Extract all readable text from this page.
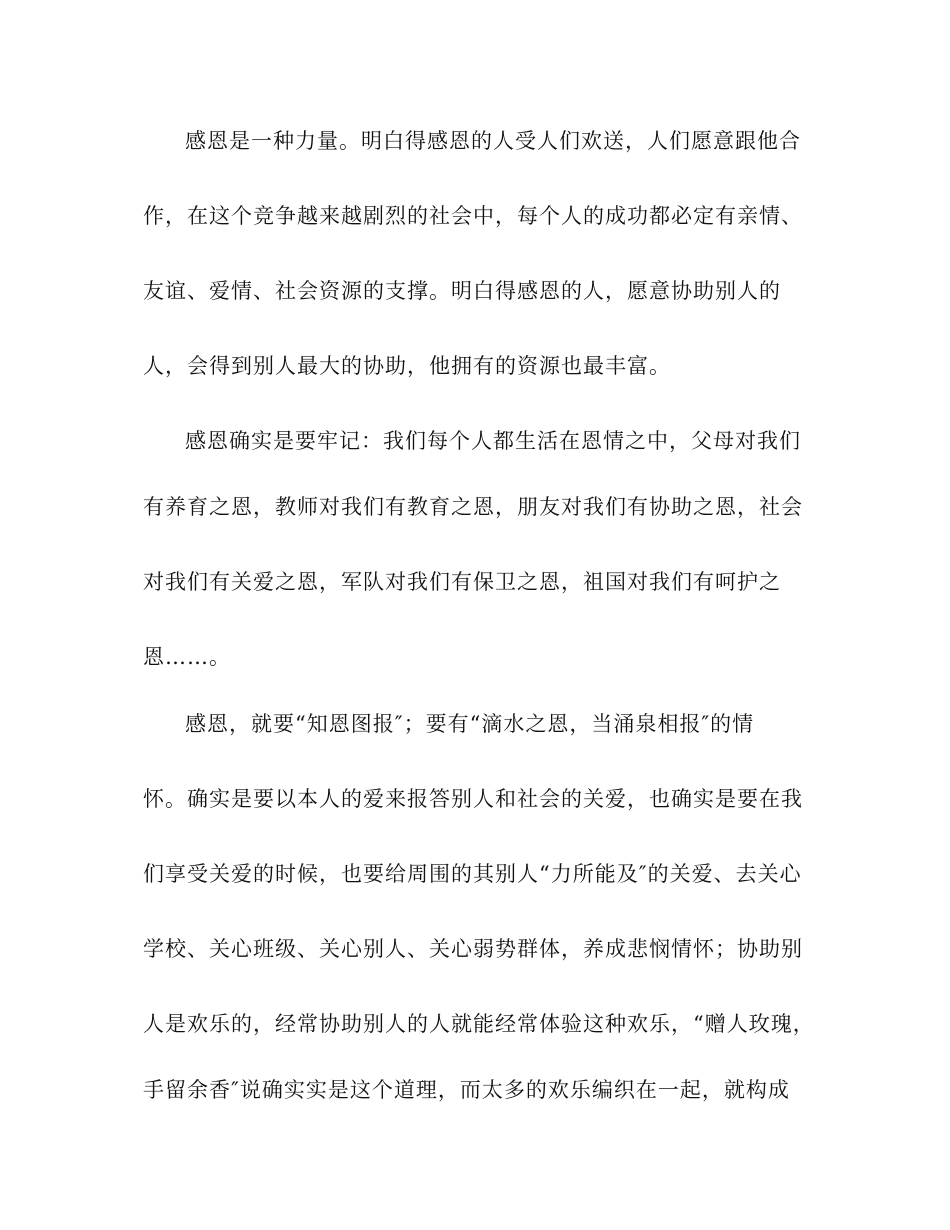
感恩是一种力量。明白得感恩的人受人们欢送，人们愿意跟他合
作，在这个竞争越来越剧烈的社会中，每个人的成功都必定有亲情、
友谊、爱情、社会资源的支撑。明白得感恩的人，愿意协助别人的
人，会得到别人最大的协助，他拥有的资源也最丰富。
感恩确实是要牢记：我们每个人都生活在恩情之中，父母对我们
有养育之恩，教师对我们有教育之恩，朋友对我们有协助之恩，社会
对我们有关爱之恩，军队对我们有保卫之恩，祖国对我们有呵护之
恩……。
感恩，就要“知恩图报″；要有“滴水之恩，当涌泉相报″的情
怀。确实是要以本人的爱来报答别人和社会的关爱，也确实是要在我
们享受关爱的时候，也要给周围的其别人“力所能及″的关爱、去关心
学校、关心班级、关心别人、关心弱势群体，养成悲悯情怀；协助别
人是欢乐的，经常协助别人的人就能经常体验这种欢乐，“赠人玫瑰，
手留余香″说确实实是这个道理，而太多的欢乐编织在一起，就构成
